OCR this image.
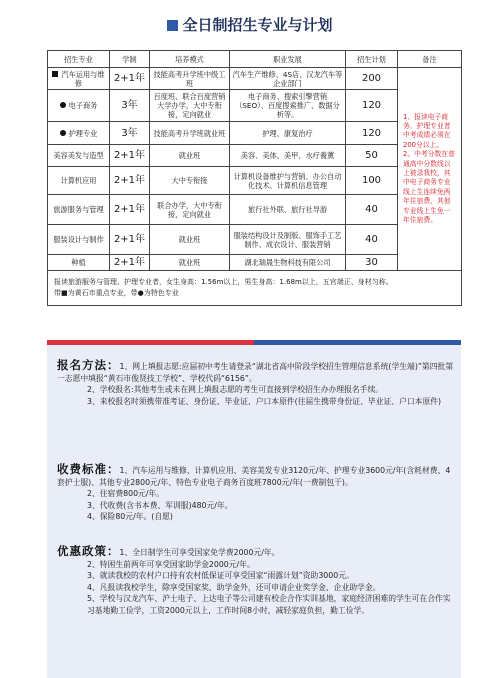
全日制招生专业与计划
招生专业	学制	培养模式	职业发展	招生计划	备注
汽车运用与维修	2+1年	技能高考升学班中级工班	汽车生产维修、4S店、汉龙汽车等企业部门	200	1、报读电子商务、护理专业者中考成绩必须在200分以上。 2、中考分数在普通高中分数线以上被录我校，其中电子商务专业线上生连续免两年住宿费，其他专业线上生免一年住宿费。
电子商务	3年	百度班、联合百度营销大学办学，大中专衔接，定向就业	电子商务、搜索引擎营销（SEO）、百度搜索推广、数据分析等。	120	
护理专业	3年	技能高考升学班就业班	护理、康复治疗	120	
美容美发与造型	2+1年	就业班	美容、美体、美甲、水疗養薰	50	
计算机应用	2+1年	大中专衔接	计算机设备维护与营销、办公自动化技术、计算机信息管理	100	
旅游服务与管理	2+1年	联合办学，大中专衔接，定向就业	旅行社外联、旅行社导游	40	
服装设计与制作	2+1年	就业班	服装结构设计及制版、服饰手工艺制作、成衣设计、服装营销	40	
种植	2+1年	就业班	湖北瑞晟生物科技有限公司	30	

报读旅游服务与管理、护理专业者，女生身高：1.56m以上，男生身高：1.68m以上，五官端正、身材匀称。
带■为黄石市重点专业，带●为特色专业					

报名方法：1、网上填报志愿:应届初中考生请登录“湖北省高中阶段学校招生管理信息系统(学生端)”第四批第一志愿中填报“黄石市俊贤技工学校”、学校代码“6156”。

2、学校报名:其他考生或未在网上填报志愿的考生可直接到学校招生办办理报名手续。

3、来校报名时须携带准考证、身份证、毕业证、户口本原件(往届生携带身份证、毕业证、户口本原件)

收费标准：1、汽车运用与维修、计算机应用、美容美发专业3120元/年、护理专业3600元/年(含耗材费、4套护士服)、其他专业2800元/年、特色专业电子商务百度班7800元/年(一费制包干)。

2、住宿费800元/年。

3、代收费(含书本费、军训服)480元/年。

4、保险80元/年。(自愿)

优惠政策：1、全日制学生可享受国家免学费2000元/年。

2、特困生前两年可享受国家助学金2000元/年。

3、就读我校的农村户口持有农村低保证可享受国家“雨露计划”资助3000元。

4、凡报读我校学生，除享受国家奖、助学金外，还可申请企业奖学金、企业助学金。

5、学校与汉龙汽车、沪士电子、上达电子等公司建有校企合作实训基地，家庭经济困难的学生可在合作实习基地勤工俭学，工资2000元以上，工作时间8小时，减轻家庭负担，勤工俭学。
